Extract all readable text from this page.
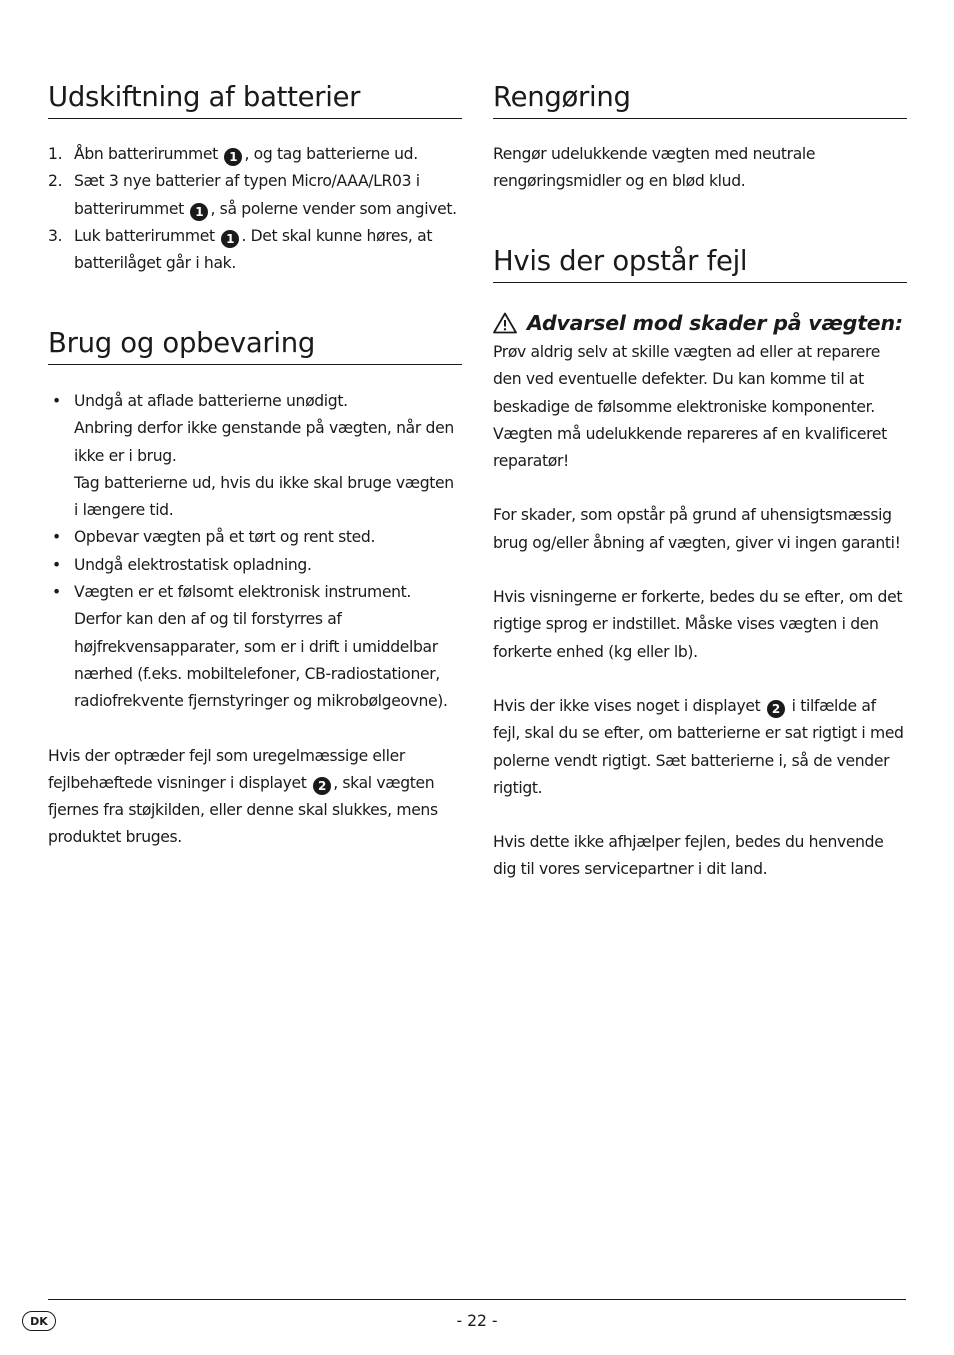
Udskiftning af batterier
1. Åbn batterirummet 1 , og tag batterierne ud.
2. Sæt 3 nye batterier af typen Micro/AAA/LR03 i batterirummet 1 , så polerne vender som angivet.
3. Luk batterirummet 1 . Det skal kunne høres, at batterilåget går i hak.
Brug og opbevaring
• Undgå at aflade batterierne unødigt.
Anbring derfor ikke genstande på vægten, når den ikke er i brug.
Tag batterierne ud, hvis du ikke skal bruge vægten i længere tid.
• Opbevar vægten på et tørt og rent sted.
• Undgå elektrostatisk opladning.
• Vægten er et følsomt elektronisk instrument.
Derfor kan den af og til forstyrres af højfrekvensapparater, som er i drift i umiddelbar nærhed (f.eks. mobiltelefoner, CB-radiostationer, radiofrekvente fjernstyringer og mikrobølgeovne).

Hvis der optræder fejl som uregelmæssige eller fejlbehæftede visninger i displayet 2 , skal vægten fjernes fra støjkilden, eller denne skal slukkes, mens produktet bruges.

Rengøring

Rengør udelukkende vægten med neutrale rengøringsmidler og en blød klud.

Hvis der opstår fejl
Advarsel mod skader på vægten:

Prøv aldrig selv at skille vægten ad eller at reparere den ved eventuelle defekter. Du kan komme til at beskadige de følsomme elektroniske komponenter. Vægten må udelukkende repareres af en kvalificeret reparatør!

For skader, som opstår på grund af uhensigtsmæssig brug og/eller åbning af vægten, giver vi ingen garanti!

Hvis visningerne er forkerte, bedes du se efter, om det rigtige sprog er indstillet. Måske vises vægten i den forkerte enhed (kg eller lb).

Hvis der ikke vises noget i displayet 2 i tilfælde af fejl, skal du se efter, om batterierne er sat rigtigt i med polerne vendt rigtigt. Sæt batterierne i, så de vender rigtigt.

Hvis dette ikke afhjælper fejlen, bedes du henvende dig til vores servicepartner i dit land.

DK	- 22 -
